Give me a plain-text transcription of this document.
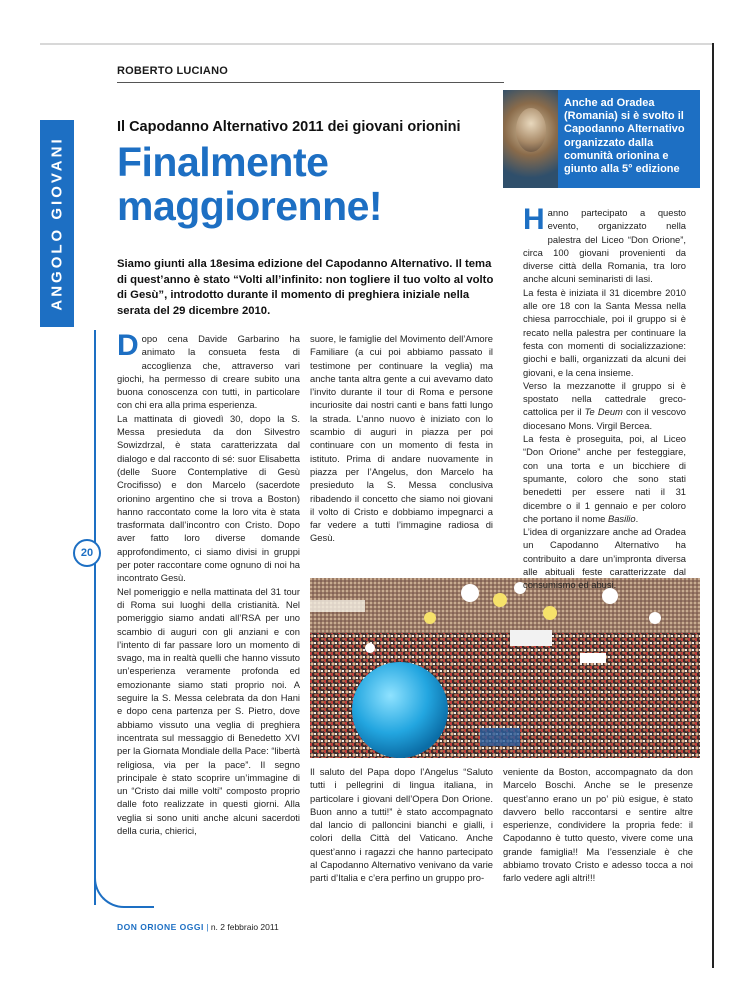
ROBERTO LUCIANO
ANGOLO GIOVANI
20
Il Capodanno Alternativo 2011 dei giovani orionini
Finalmente maggiorenne!
Siamo giunti alla 18esima edizione del Capodanno Alternativo. Il tema di quest’anno è stato “Volti all’infinito: non togliere il tuo volto al volto di Gesù”, introdotto durante il momento di preghiera iniziale nella serata del 29 dicembre 2010.

Dopo cena Davide Garbarino ha animato la consueta festa di accoglienza che, attraverso vari giochi, ha permesso di creare subito una buona conoscenza con tutti, in particolare con chi era alla prima esperienza.

La mattinata di giovedì 30, dopo la S. Messa presieduta da don Silvestro Sowizdrzal, è stata caratterizzata dal dialogo e dal racconto di sé: suor Elisabetta (delle Suore Contemplative di Gesù Crocifisso) e don Marcelo (sacerdote orionino argentino che si trova a Boston) hanno raccontato come la loro vita è stata trasformata dall’incontro con Cristo. Dopo aver fatto loro diverse domande approfondimento, ci siamo divisi in gruppi per poter raccontare come ognuno di noi ha incontrato Gesù.

Nel pomeriggio e nella mattinata del 31 tour di Roma sui luoghi della cristianità. Nel pomeriggio siamo andati all’RSA per uno scambio di auguri con gli anziani e con l’intento di far passare loro un momento di svago, ma in realtà quelli che hanno vissuto un’esperienza veramente profonda ed emozionante siamo stati proprio noi. A seguire la S. Messa celebrata da don Hani e dopo cena partenza per S. Pietro, dove abbiamo vissuto una veglia di preghiera incentrata sul messaggio di Benedetto XVI per la Giornata Mondiale della Pace: “libertà religiosa, via per la pace”. Il segno principale è stato scoprire un’immagine di un “Cristo dai mille volti” composto proprio dalle foto realizzate in questi giorni. Alla veglia si sono uniti anche alcuni sacerdoti della curia, chierici,

suore, le famiglie del Movimento dell’Amore Familiare (a cui poi abbiamo passato il testimone per continuare la veglia) ma anche tanta altra gente a cui avevamo dato l’invito durante il tour di Roma e persone incuriosite dai nostri canti e bans fatti lungo la strada. L’anno nuovo è iniziato con lo scambio di auguri in piazza per poi continuare con un momento di festa in istituto. Prima di andare nuovamente in piazza per l’Angelus, don Marcelo ha presieduto la S. Messa conclusiva ribadendo il concetto che siamo noi giovani il volto di Cristo e dobbiamo impegnarci a far vedere a tutti l’immagine radiosa di Gesù.

Il saluto del Papa dopo l’Angelus “Saluto tutti i pellegrini di lingua italiana, in particolare i giovani dell’Opera Don Orione. Buon anno a tutti!” è stato accompagnato dal lancio di palloncini bianchi e gialli, i colori della Città del Vaticano. Anche quest’anno i ragazzi che hanno partecipato al Capodanno Alternativo venivano da varie parti d’Italia e c’era perfino un gruppo pro-

veniente da Boston, accompagnato da don Marcelo Boschi. Anche se le presenze quest’anno erano un po’ più esigue, è stato davvero bello raccontarsi e sentire altre esperienze, condividere la propria fede: il Capodanno è tutto questo, vivere come una grande famiglia!! Ma l’essenziale è che abbiamo trovato Cristo e adesso tocca a noi farlo vedere agli altri!!!

Anche ad Oradea (Romania) si è svolto il Capodanno Alternativo organizzato dalla comunità orionina e giunto alla 5° edizione

Hanno partecipato a questo evento, organizzato nella palestra del Liceo “Don Orione”, circa 100 giovani provenienti da diverse città della Romania, tra loro anche alcuni seminaristi di Iasi.

La festa è iniziata il 31 dicembre 2010 alle ore 18 con la Santa Messa nella chiesa parrocchiale, poi il gruppo si è recato nella palestra per continuare la festa con momenti di socializzazione: giochi e balli, organizzati da alcuni dei giovani, e la cena insieme.

Verso la mezzanotte il gruppo si è spostato nella cattedrale greco-cattolica per il Te Deum con il vescovo diocesano Mons. Virgil Bercea.

La festa è proseguita, poi, al Liceo “Don Orione” anche per festeggiare, con una torta e un bicchiere di spumante, coloro che sono stati benedetti per essere nati il 31 dicembre o il 1 gennaio e per coloro che portano il nome Basilio.

L’idea di organizzare anche ad Oradea un Capodanno Alternativo ha contribuito a dare un’impronta diversa alle abituali feste caratterizzate dal consumismo ed abusi.

DON ORIONE OGGI | n. 2 febbraio 2011
